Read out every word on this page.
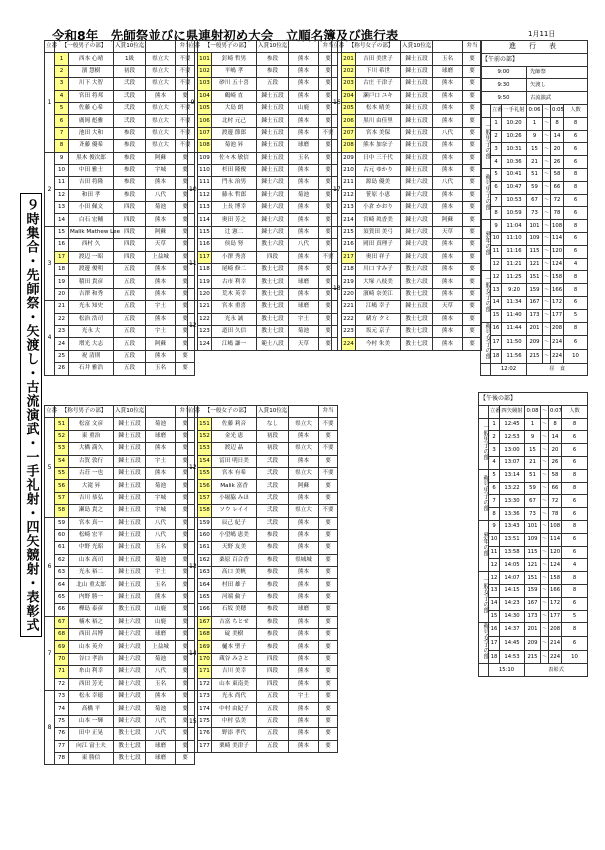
令和8年　先師祭並びに県連射初め大会　立順名簿及び進行表	1月11日
９時集合・先師祭・矢渡し・古流演武・一手礼射・四矢競射・表彰式
立番	【一般男子の部】		入賞10位迄		弁当
1	1	西本 心晴	1級	県立大	不要
	2	濱 慧樹	初段	県立大	不要
	3	川下 大智	弐段	県立大	不要
	4	宮田 将邦	弐段	熊本	要
	5	佐藤 心希	弐段	県立大	不要
	6	廣岡 彪雅	弐段	県立大	不要
	7	池田 大和	参段	県立大	不要
	8	斉藤 優希	参段	県立大	不要
2	9	黒木 俊次郎	参段	阿蘇	要
	10	中田 雅士	参段	宇城	要
	11	吉田 将隆	参段	熊本	要
	12	和田 孝	参段	八代	要
	13	小田 佩文	四段	菊池	要
	14	白石 宏輔	四段	熊本	要
3	15	Malik Mathew Lee	四段	阿蘇	要
	16	西村 久	四段	天草	要
	17	渡辺 一昭	四段	上益城	要
	18	渡邊 俊明	五段	熊本	要
	19	積田 貴彦	五段	熊本	要
	20	吉澤 和秀	五段	熊本	要
4	21	光永 知史	五段	宇土	要
	22	松治 浩司	五段	熊本	要
	23	光永 大	五段	宇土	要
	24	増光 大志	五段	阿蘇	要
	25	祝 清則	五段	熊本	要
	26	石井 雅浩	五段	玉名	要
立番	【一般男子の部】		入賞10位迄		弁当
9	101	釘崎 哲男	参段	熊本	要
	102	平嶋 孝	参段	熊本	要
	103	砂川 五十喜	五段	熊本	要
	104	鶴崎 直	錬士五段	熊本	要
	105	大島 朗	錬士五段	山鹿	要
	106	北村 元己	錬士五段	熊本	要
	107	渡邊 節郎	錬士五段	熊本	不要
	108	菊池 昇	錬士五段	球磨	要
10	109	佐々木 敏信	錬士五段	玉名	要
	110	杉田 隆俊	錬士五段	熊本	要
	111	門永 治男	錬士六段	熊本	要
	112	藤永 哲郎	錬士六段	菊池	要
	113	上長 博幸	錬士六段	熊本	要
	114	奥田 芳之	錬士六段	熊本	要
11	115	辻 憲二	錬士六段	熊本	要
	116	侯島 努	教士六段	八代	要
	117	小澤 秀喜	四段	熊本	不要
	118	尾崎 修二	教士七段	熊本	要
	119	古市 利幸	教士七段	球磨	要
	120	荒木 英幸	教士七段	熊本	要
12	121	宮本 重喜	教士七段	球磨	要
	122	光永 誠	教士七段	宇土	要
	123	道田 久信	教士七段	菊池	要
	124	江嶋 謙一	範士八段	天草	要
立番	【称号女子の部】		入賞10位迄		弁当
16	201	吉田 美世子	錬士五段	玉名	要
	202	下川 希世	錬士五段	球磨	要
	203	古庄 千津子	錬士五段	熊本	要
	204	瀬戸口 ユキ	錬士五段	熊本	要
	205	松本 晴美	錬士五段	熊本	要
	206	黒川 由佳里	錬士五段	熊本	要
	207	宮本 美保	錬士五段	八代	要
	208	熊本 加奈子	錬士五段	熊本	要
17	209	日中 三千代	錬士五段	熊本	要
	210	古元 ゆかり	錬士五段	熊本	要
	211	源島 優美	錬士六段	八代	要
	212	笹原 小恵	錬士六段	熊本	要
	213	小倉 かおり	錬士六段	熊本	要
	214	宮崎 眞香美	錬士六段	阿蘇	要
18	215	須賀田 美弓	錬士六段	天草	要
	216	岡田 真理子	錬士六段	熊本	要
	217	奥田 祥子	錬士六段	熊本	要
	218	川口 すみ子	教士六段	熊本	要
	219	大塚 八枝美	教士六段	熊本	要
	220	濱崎 奈美江	教士七段	熊本	要
	221	江嶋 幸子	錬士五段	天草	要
	222	緒方 クミ	教士七段	熊本	要
	223	坂元 京子	教士七段	熊本	要
	224	今村 朱美	教士七段	熊本	要
立番	【称号男子の部】		入賞10位迄		弁当
5	51	松富 文彦	錬士五段	菊池	要
	52	東 重治	錬士五段	球磨	要
	53	大橋 満久	錬士五段	熊本	要
	54	古賀 敦行	錬士五段	宇土	要
	55	古荘 一也	錬士五段	熊本	要
	56	大滝 昇	錬士五段	菊池	要
	57	吉川 恭弘	錬士五段	宇城	要
	58	瀬島 貴之	錬士五段	宇城	要
6	59	宮本 真一	錬士五段	八代	要
	60	松崎 宏平	錬士五段	八代	要
	61	中野 光昭	錬士五段	玉名	要
	62	山本 高司	錬士五段	菊池	要
	63	光永 裕二	錬士五段	宇土	要
	64	北山 重太郎	錬士五段	玉名	要
	65	内野 勝一	錬士五段	熊本	要
	66	樺島 泰彦	教士五段	山鹿	要
7	67	楠木 裕之	錬士六段	山鹿	要
	68	西田 昌博	錬士六段	球磨	要
	69	山本 英介	錬士六段	上益城	要
	70	谷口 孝治	錬士六段	菊池	要
	71	糸山 利幸	錬士六段	八代	要
	72	西田 芳光	錬士六段	玉名	要
8	73	松永 幸徳	錬士六段	熊本	要
	74	高橋 平	錬士六段	菊池	要
	75	山本 一輝	錬士六段	八代	要
	76	田中 正晃	教士七段	八代	要
	77	向江 富士夫	教士七段	球磨	要
	78	東 勝信	教士七段	球磨	要
立番	【一般女子の部】		入賞10位迄		弁当
12	151	佐藤 莉音	なし	県立大	不要
	152	金光 恵	初段	熊本	要
	153	渡辺 晶	初段	県立大	不要
	154	冨田 明日美	弐段	熊本	要
	155	宮本 有希	弐段	県立大	不要
	156	Malik 富香	弐段	阿蘇	要
	157	小堀脇 みほ	弐段	熊本	要
	158	ソウ レイイ	弐段	県立大	不要
13	159	辰己 紀子	弐段	熊本	要
	160	小望嶋 恵美	参段	熊本	要
	161	天野 友美	参段	熊本	要
	162	桑原 百合香	参段	県城城	要
	163	高口 美帆	参段	熊本	要
	164	村田 雄子	参段	熊本	要
	165	河端 倫子	参段	熊本	要
	166	石坂 美穂	参段	球磨	要
14	167	吉富 ちとせ	参段	熊本	要
	168	碇 美樹	参段	熊本	要
	169	樋本 聖子	参段	熊本	要
	170	蔵谷 みさと	四段	熊本	要
	171	吉川 美幸	四段	熊本	要
	172	山本 東南美	四段	熊本	要
15	173	光永 尚代	五段	宇土	要
	174	中村 由紀子	五段	熊本	要
	175	中村 弘美	五段	熊本	要
	176	野添 孝代	五段	熊本	要
	177	栗崎 美津子	五段	熊本	要
進　行　表						
【午前の部】						
9:00			先師祭			
9:30			矢渡し			
9:50			古流演武			
	立番	一手礼射	0:06	〜	0:05	人数
一般男子の部	1	10:20	1	〜	8	8
	2	10:26	9	〜	14	6
	3	10:31	15	〜	20	6
	4	10:36	21	〜	26	6
称号男子の部	5	10:41	51	〜	58	8
	6	10:47	59	〜	66	8
	7	10:53	67	〜	72	6
	8	10:59	73	〜	78	6
熟年の部	9	11:04	101	〜	108	8
	10	11:10	109	〜	114	6
	11	11:16	115	〜	120	6
	12	11:21	121	〜	124	4
一般女子の部	12	11:25	151	〜	158	8
	13	9:20	159	〜	166	8
	14	11:34	167	〜	172	6
	15	11:40	173	〜	177	5
称号女子の部	16	11:44	201	〜	208	8
	17	11:50	209	〜	214	6
	18	11:56	215	〜	224	10
	12:02		昼　食			
【午後の部】						
	立番	四矢競射	0:08	〜	0:07	人数
一般男子の部	1	12:45	1	〜	8	8
	2	12:53	9	〜	14	6
	3	13:00	15	〜	20	6
	4	13:07	21	〜	26	6
称号男子の部	5	13:14	51	〜	58	8
	6	13:22	59	〜	66	8
	7	13:30	67	〜	72	6
	8	13:36	73	〜	78	6
熟年の部	9	13:43	101	〜	108	8
	10	13:51	109	〜	114	6
	11	13:58	115	〜	120	6
	12	14:05	121	〜	124	4
一般女子の部	12	14:07	151	〜	158	8
	13	14:15	159	〜	166	8
	14	14:23	167	〜	172	6
	15	14:30	173	〜	177	5
称号女子の部	16	14:37	201	〜	208	8
	17	14:45	209	〜	214	6
	18	14:53	215	〜	224	10
	15:10		表彰式			
